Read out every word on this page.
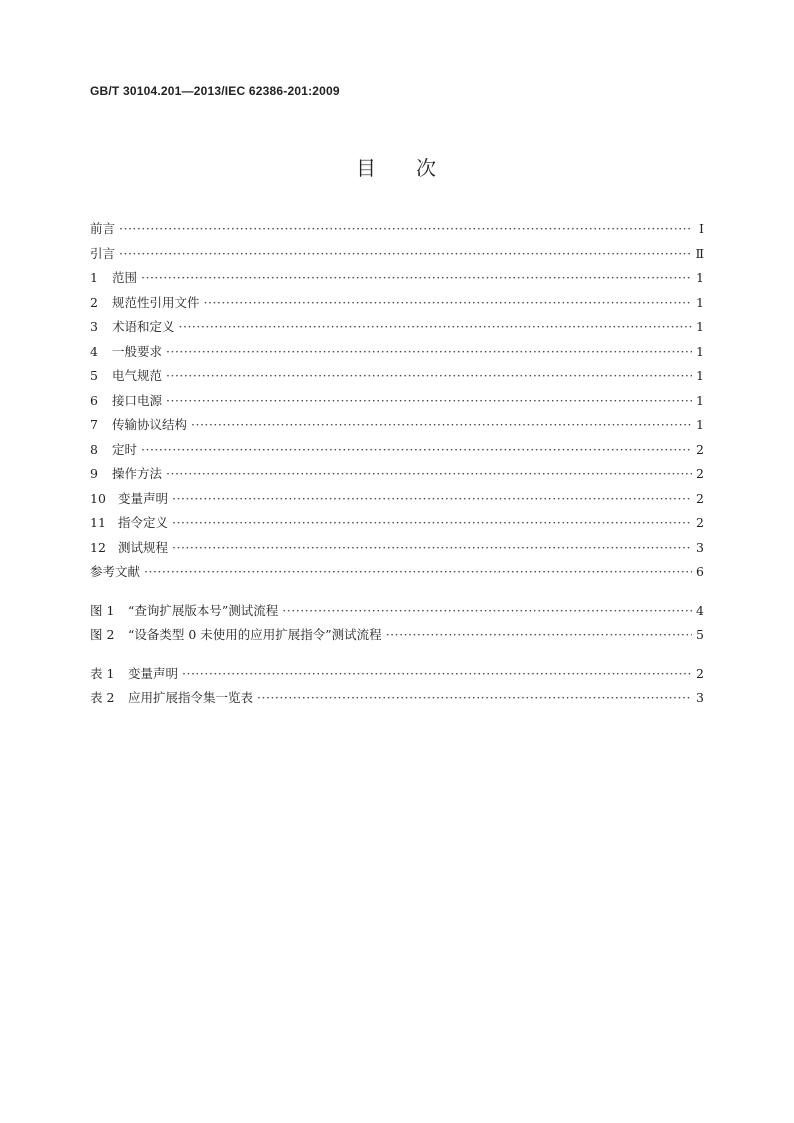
GB/T 30104.201—2013/IEC 62386-201:2009
目 次
前言 ·····	Ⅰ
引言 ·····	Ⅱ
1	范围 ·····	1
2	规范性引用文件 ·····	1
3	术语和定义 ·····	1
4	一般要求 ·····	1
5	电气规范 ·····	1
6	接口电源 ·····	1
7	传输协议结构 ·····	1
8	定时 ·····	2
9	操作方法 ·····	2
10 变量声明 ·····	2
11 指令定义 ·····	2
12 测试规程 ·····	3
参考文献 ·····	6
图 1	“查询扩展版本号”测试流程 ·····	4
图 2	“设备类型 0 未使用的应用扩展指令”测试流程 ·····	5
表 1	变量声明 ·····	2
表 2	应用扩展指令集一览表 ·····	3
